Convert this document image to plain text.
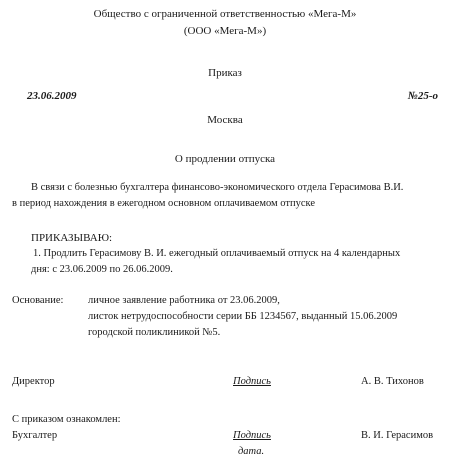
Общество с ограниченной ответственностью «Мега-М»
(ООО «Мега-М»)
Приказ
23.06.2009	№25-о
Москва
О продлении отпуска
В связи с болезнью бухгалтера финансово-экономического отдела Герасимова В.И.
в период нахождения в ежегодном основном оплачиваемом отпуске
ПРИКАЗЫВАЮ:
1. Продлить Герасимову В. И. ежегодный оплачиваемый отпуск на 4 календарных
дня: с 23.06.2009 по 26.06.2009.
Основание: личное заявление работника от 23.06.2009,
листок нетрудоспособности серии ББ 1234567, выданный 15.06.2009
городской поликлиникой №5.
Директор	Подпись	А. В. Тихонов
С приказом ознакомлен:
Бухгалтер	Подпись	В. И. Герасимов
дата.
